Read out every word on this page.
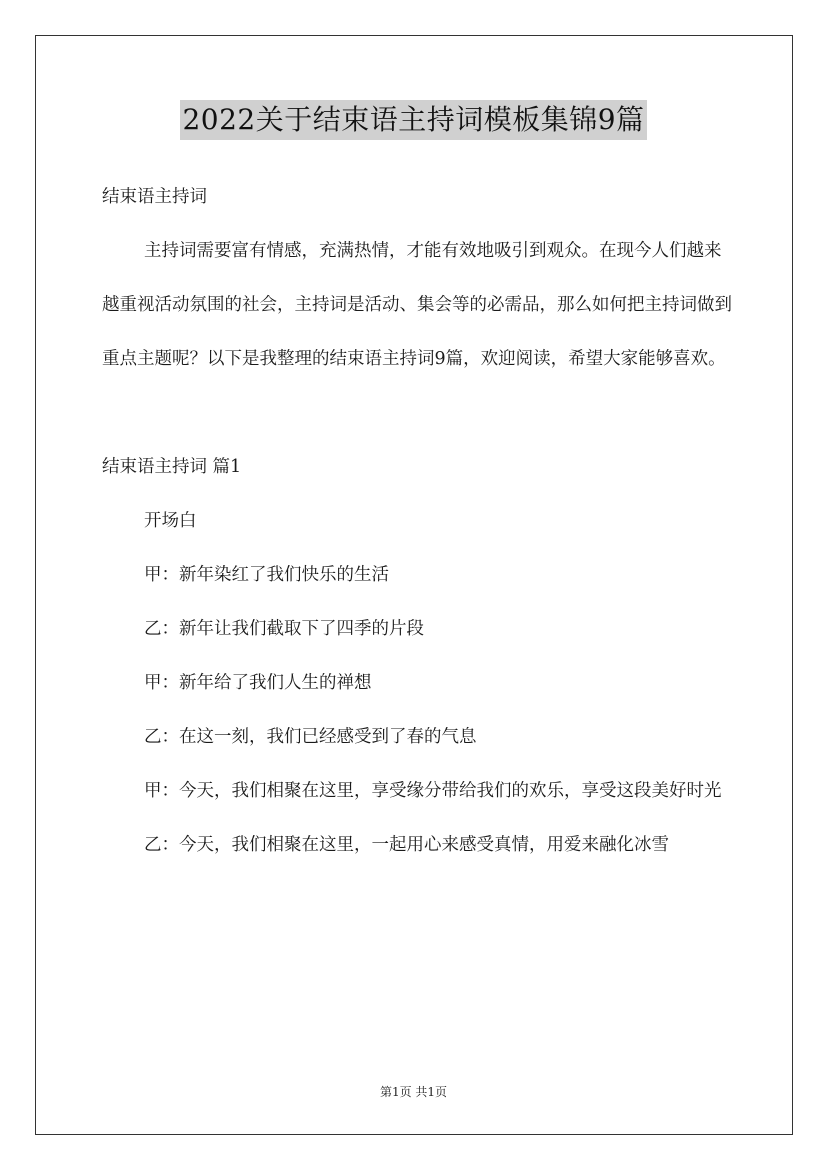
2022关于结束语主持词模板集锦9篇

结束语主持词

主持词需要富有情感，充满热情，才能有效地吸引到观众。在现今人们越来越重视活动氛围的社会，主持词是活动、集会等的必需品，那么如何把主持词做到重点主题呢？以下是我整理的结束语主持词9篇，欢迎阅读，希望大家能够喜欢。

结束语主持词 篇1

开场白

甲：新年染红了我们快乐的生活

乙：新年让我们截取下了四季的片段

甲：新年给了我们人生的禅想

乙：在这一刻，我们已经感受到了春的气息

甲：今天，我们相聚在这里，享受缘分带给我们的欢乐，享受这段美好时光

乙：今天，我们相聚在这里，一起用心来感受真情，用爱来融化冰雪

第1页 共1页
